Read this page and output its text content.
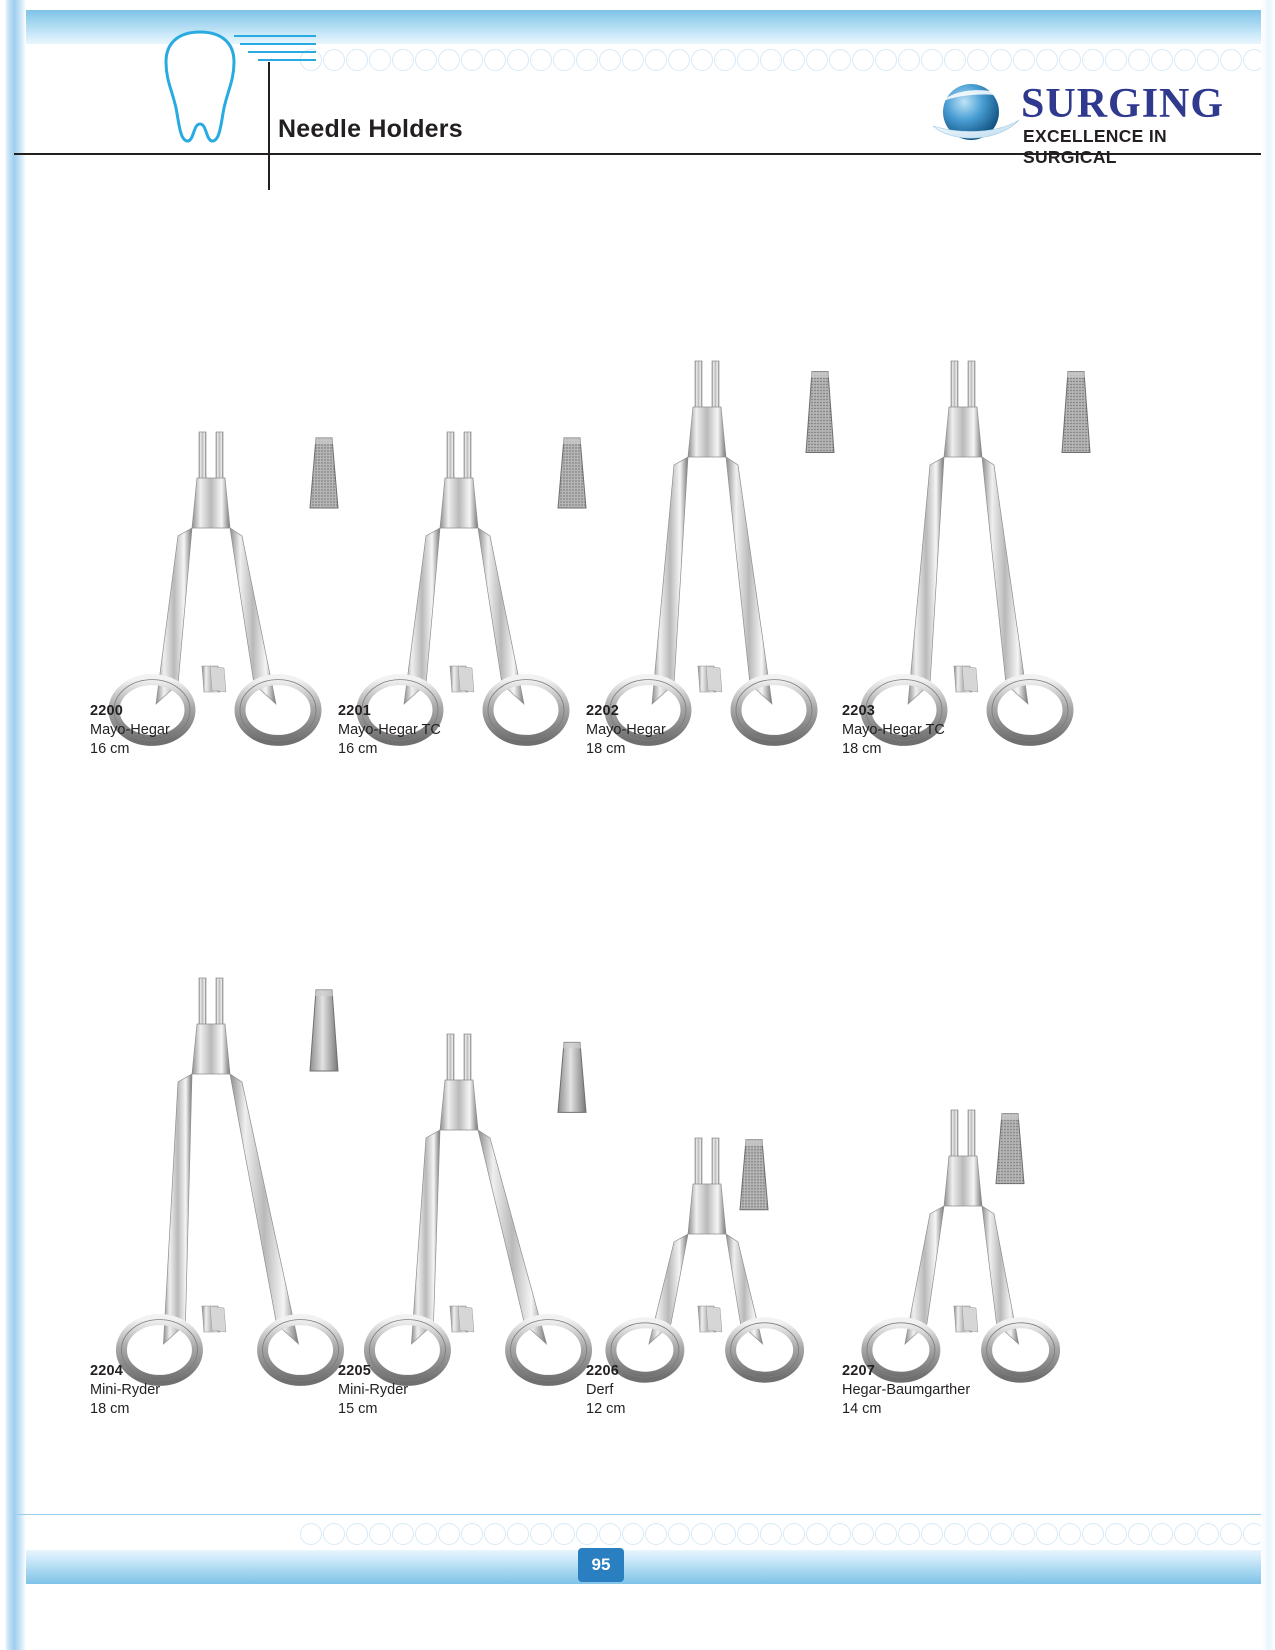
Needle Holders
SURGING
EXCELLENCE IN SURGICAL
2200
Mayo-Hegar
16 cm
2201
Mayo-Hegar TC
16 cm
2202
Mayo-Hegar
18 cm
2203
Mayo-Hegar TC
18 cm
2204
Mini-Ryder
18 cm
2205
Mini-Ryder
15 cm
2206
Derf
12 cm
2207
Hegar-Baumgarther
14 cm
95
